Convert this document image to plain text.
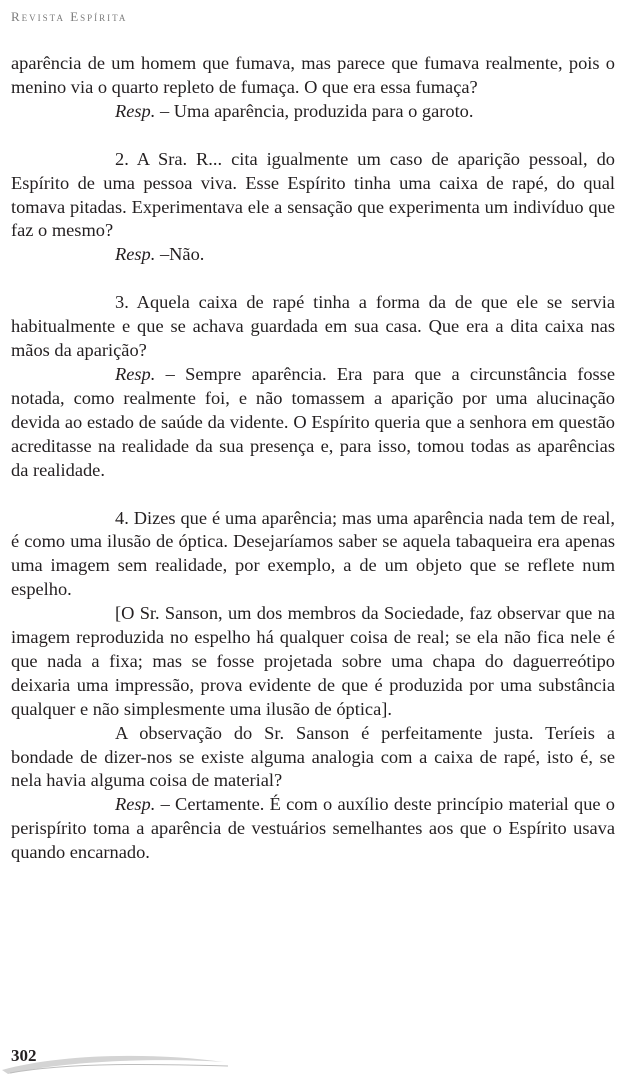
Revista Espírita

aparência de um homem que fumava, mas parece que fumava realmente, pois o menino via o quarto repleto de fumaça. O que era essa fumaça?

Resp. – Uma aparência, produzida para o garoto.

2. A Sra. R... cita igualmente um caso de aparição pessoal, do Espírito de uma pessoa viva. Esse Espírito tinha uma caixa de rapé, do qual tomava pitadas. Experimentava ele a sensação que experimenta um indivíduo que faz o mesmo?

Resp. –Não.

3. Aquela caixa de rapé tinha a forma da de que ele se servia habitualmente e que se achava guardada em sua casa. Que era a dita caixa nas mãos da aparição?

Resp. – Sempre aparência. Era para que a circunstância fosse notada, como realmente foi, e não tomassem a aparição por uma alucinação devida ao estado de saúde da vidente. O Espírito queria que a senhora em questão acreditasse na realidade da sua presença e, para isso, tomou todas as aparências da realidade.

4. Dizes que é uma aparência; mas uma aparência nada tem de real, é como uma ilusão de óptica. Desejaríamos saber se aquela tabaqueira era apenas uma imagem sem realidade, por exemplo, a de um objeto que se reflete num espelho.

[O Sr. Sanson, um dos membros da Sociedade, faz observar que na imagem reproduzida no espelho há qualquer coisa de real; se ela não fica nele é que nada a fixa; mas se fosse projetada sobre uma chapa do daguerreótipo deixaria uma impressão, prova evidente de que é produzida por uma substância qualquer e não simplesmente uma ilusão de óptica].

A observação do Sr. Sanson é perfeitamente justa. Teríeis a bondade de dizer-nos se existe alguma analogia com a caixa de rapé, isto é, se nela havia alguma coisa de material?

Resp. – Certamente. É com o auxílio deste princípio material que o perispírito toma a aparência de vestuários semelhantes aos que o Espírito usava quando encarnado.

302
